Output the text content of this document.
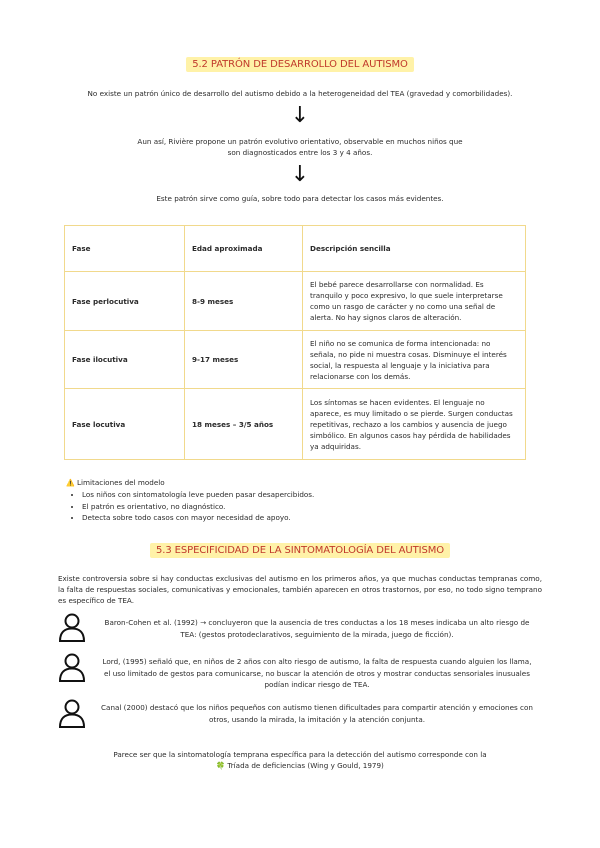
5.2 PATRÓN DE DESARROLLO DEL AUTISMO
No existe un patrón único de desarrollo del autismo debido a la heterogeneidad del TEA (gravedad y comorbilidades).
↓
Aun así, Rivière propone un patrón evolutivo orientativo, observable en muchos niños que
son diagnosticados entre los 3 y 4 años.
↓
Este patrón sirve como guía, sobre todo para detectar los casos más evidentes.
Fase	Edad aproximada	Descripción sencilla
Fase perlocutiva	8-9 meses	El bebé parece desarrollarse con normalidad. Es tranquilo y poco expresivo, lo que suele interpretarse como un rasgo de carácter y no como una señal de alerta. No hay signos claros de alteración.
Fase ilocutiva	9-17 meses	El niño no se comunica de forma intencionada: no señala, no pide ni muestra cosas. Disminuye el interés social, la respuesta al lenguaje y la iniciativa para relacionarse con los demás.
Fase locutiva	18 meses – 3/5 años	Los síntomas se hacen evidentes. El lenguaje no aparece, es muy limitado o se pierde. Surgen conductas repetitivas, rechazo a los cambios y ausencia de juego simbólico. En algunos casos hay pérdida de habilidades ya adquiridas.
⚠️ Limitaciones del modelo
• Los niños con sintomatología leve pueden pasar desapercibidos.
• El patrón es orientativo, no diagnóstico.
• Detecta sobre todo casos con mayor necesidad de apoyo.
5.3 ESPECIFICIDAD DE LA SINTOMATOLOGÍA DEL AUTISMO
Existe controversia sobre si hay conductas exclusivas del autismo en los primeros años, ya que muchas conductas tempranas como, la falta de respuestas sociales, comunicativas y emocionales, también aparecen en otros trastornos, por eso, no todo signo temprano es específico de TEA.
Baron-Cohen et al. (1992) → concluyeron que la ausencia de tres conductas a los 18 meses indicaba un alto riesgo de
TEA: (gestos protodeclarativos, seguimiento de la mirada, juego de ficción).
Lord, (1995) señaló que, en niños de 2 años con alto riesgo de autismo, la falta de respuesta cuando alguien los llama,
el uso limitado de gestos para comunicarse, no buscar la atención de otros y mostrar conductas sensoriales inusuales
podían indicar riesgo de TEA.
Canal (2000) destacó que los niños pequeños con autismo tienen dificultades para compartir atención y emociones con
otros, usando la mirada, la imitación y la atención conjunta.
Parece ser que la sintomatología temprana específica para la detección del autismo corresponde con la
🍀 Tríada de deficiencias (Wing y Gould, 1979)
